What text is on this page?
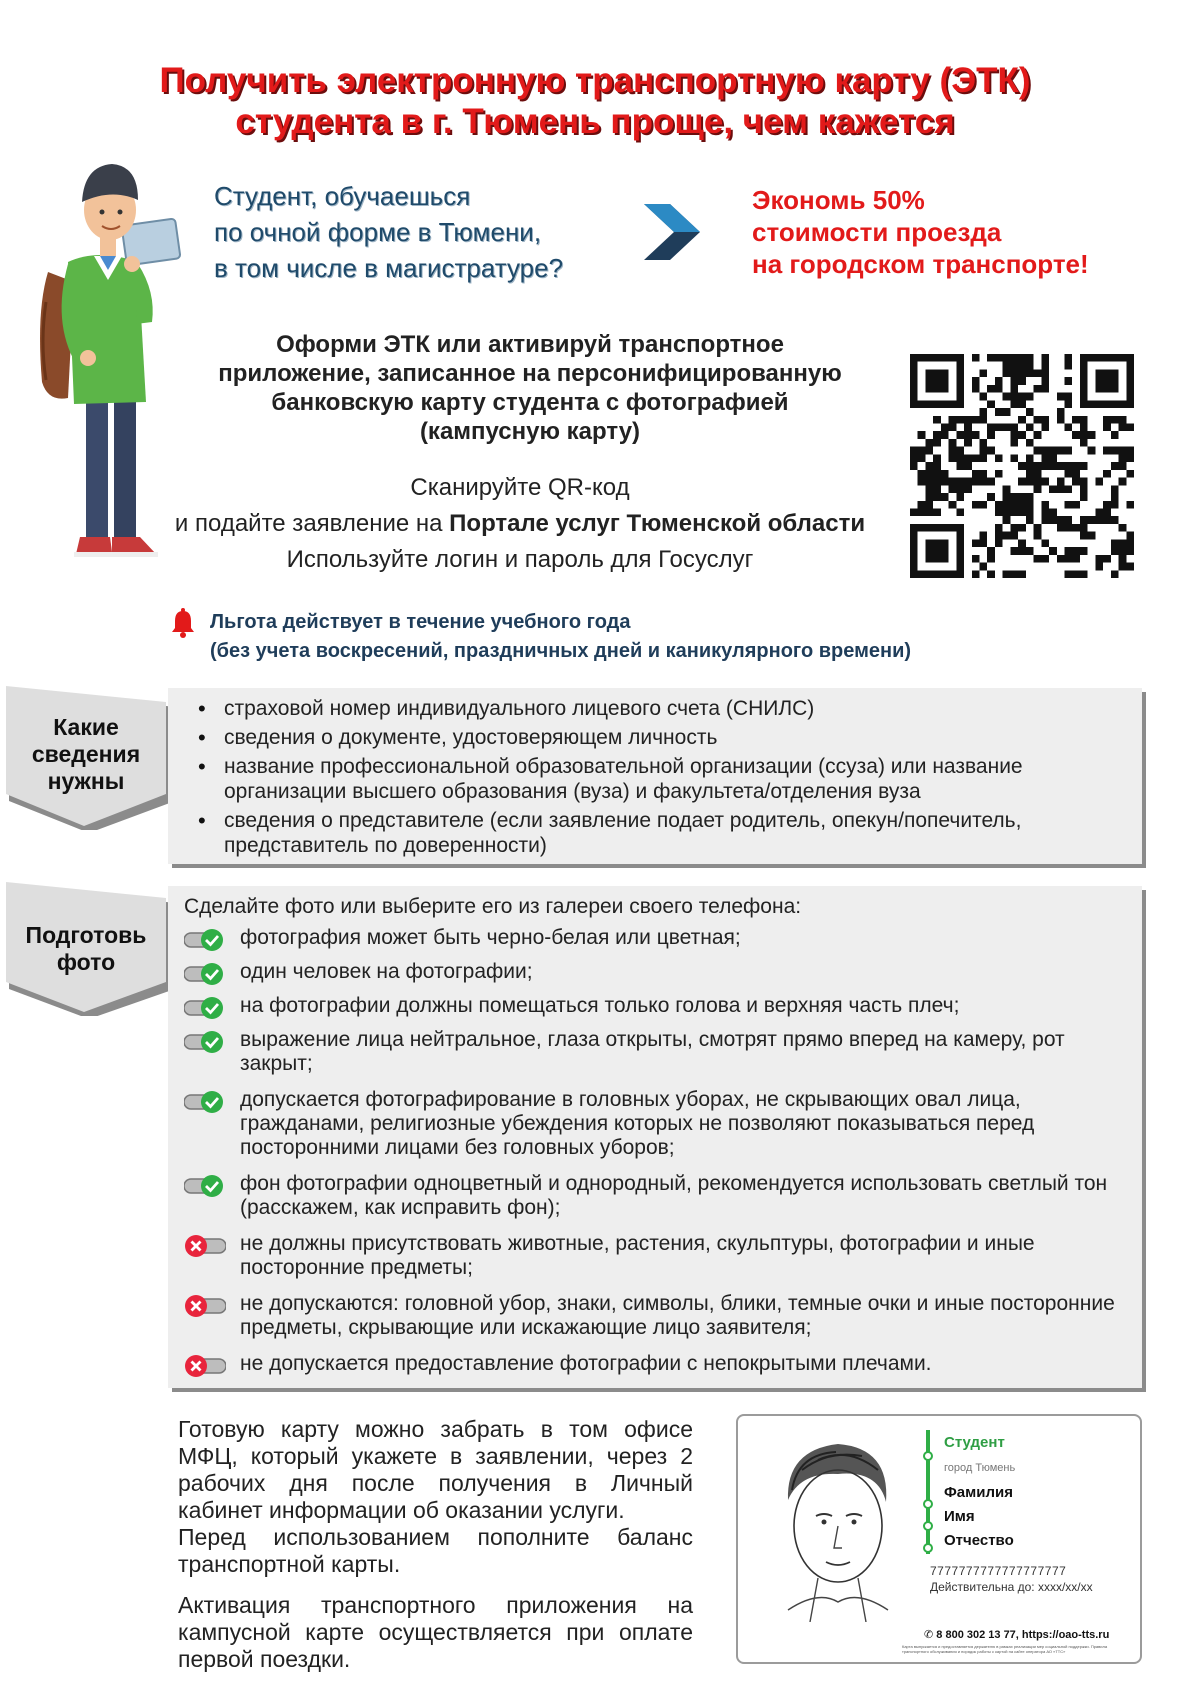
Получить электронную транспортную карту (ЭТК)
студента в г. Тюмень проще, чем кажется
Студент, обучаешься
по очной форме в Тюмени,
в том числе в магистратуре?
Экономь 50%
стоимости проезда
на городском транспорте!
Оформи ЭТК или активируй транспортное
приложение, записанное на персонифицированную
банковскую карту студента с фотографией
(кампусную карту)
Сканируйте QR-код
и подайте заявление на Портале услуг Тюменской области
Используйте логин и пароль для Госуслуг
Льгота действует в течение учебного года
(без учета воскресений, праздничных дней и каникулярного времени)
Какие
сведения
нужны
• страховой номер индивидуального лицевого счета (СНИЛС)
• сведения о документе, удостоверяющем личность
• название профессиональной образовательной организации (ссуза) или название организации высшего образования (вуза) и факультета/отделения вуза
• сведения о представителе (если заявление подает родитель, опекун/попечитель, представитель по доверенности)
Подготовь
фото
Сделайте фото или выберите его из галереи своего телефона:
фотография может быть черно-белая или цветная;
один человек на фотографии;
на фотографии должны помещаться только голова и верхняя часть плеч;
выражение лица нейтральное, глаза открыты, смотрят прямо вперед на камеру, рот закрыт;
допускается фотографирование в головных уборах, не скрывающих овал лица, гражданами, религиозные убеждения которых не позволяют показываться перед посторонними лицами без головных уборов;
фон фотографии одноцветный и однородный, рекомендуется использовать светлый тон (расскажем, как исправить фон);
не должны присутствовать животные, растения, скульптуры, фотографии и иные посторонние предметы;
не допускаются: головной убор, знаки, символы, блики, темные очки и иные посторонние предметы, скрывающие или искажающие лицо заявителя;
не допускается предоставление фотографии с непокрытыми плечами.

Готовую карту можно забрать в том офисе МФЦ, который укажете в заявлении, через 2 рабочих дня после получения в Личный кабинет информации об оказании услуги.

Перед использованием пополните баланс транспортной карты.

Активация транспортного приложения на кампусной карте осуществляется при оплате первой поездки.

Студент
город Тюмень
Фамилия
Имя
Отчество
7777777777777777777
Действительна до: хххх/хх/хх
✆ 8 800 302 13 77, https://oao-tts.ru
Карта выпускается и предоставляется держателю в рамках реализации мер социальной поддержки. Правила транспортного обслуживания и порядок работы с картой на сайте оператора АО «ТТС»
